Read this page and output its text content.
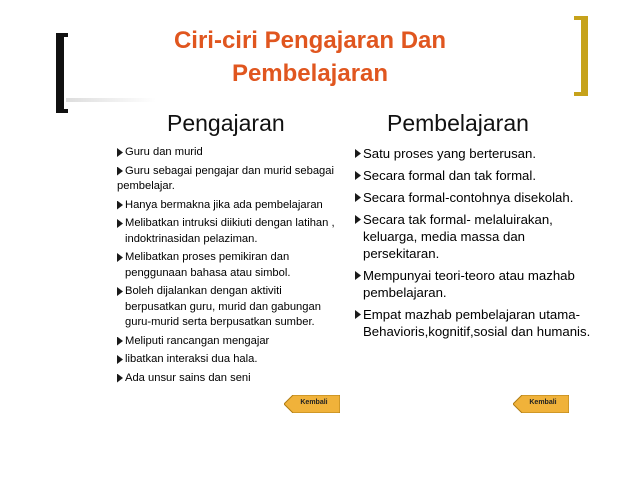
Ciri-ciri Pengajaran Dan
Pembelajaran
Pengajaran	Pembelajaran
Guru dan murid
Guru sebagai pengajar dan murid sebagai
pembelajar.
Hanya bermakna jika ada pembelajaran
Melibatkan intruksi diikiuti dengan latihan , indoktrinasidan pelaziman.
Melibatkan proses pemikiran dan penggunaan bahasa atau simbol.
Boleh dijalankan dengan aktiviti berpusatkan guru, murid dan gabungan guru-murid serta berpusatkan sumber.
Meliputi rancangan mengajar
libatkan interaksi dua hala.
Ada unsur sains dan seni
Satu proses yang berterusan.
Secara formal dan tak formal.
Secara formal-contohnya disekolah.
Secara tak formal- melaluirakan, keluarga, media massa dan persekitaran.
Mempunyai teori-teoro atau mazhab pembelajaran.
Empat mazhab pembelajaran utama-Behavioris,kognitif,sosial dan humanis.
Kembali	Kembali
